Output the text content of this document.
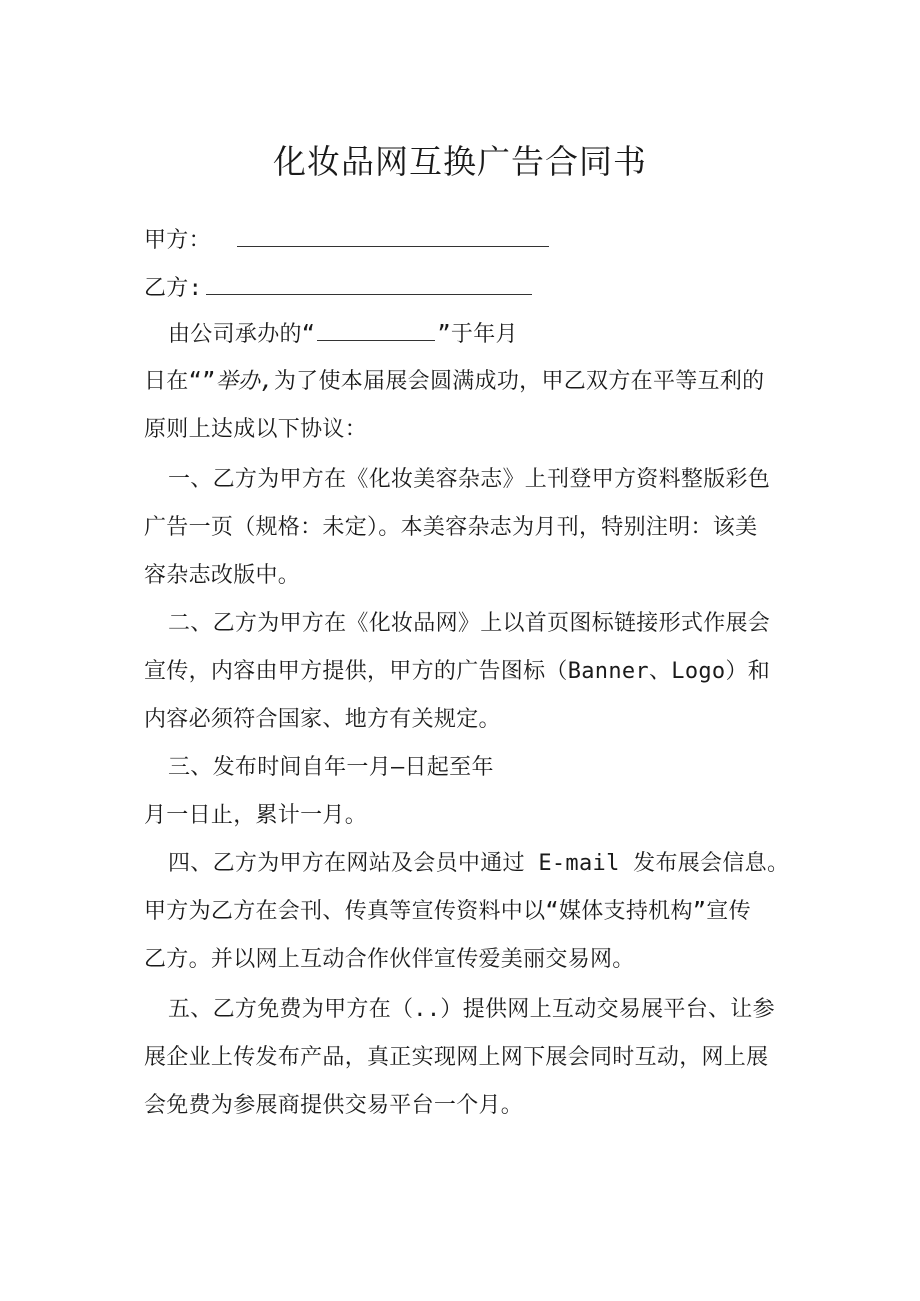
化妆品网互换广告合同书
甲方：
乙方:
由公司承办的“	”于年月
日在“”举办,为了使本届展会圆满成功，甲乙双方在平等互利的
原则上达成以下协议：
一、乙方为甲方在《化妆美容杂志》上刊登甲方资料整版彩色
广告一页（规格：未定）。本美容杂志为月刊，特别注明：该美
容杂志改版中。
二、乙方为甲方在《化妆品网》上以首页图标链接形式作展会
宣传，内容由甲方提供，甲方的广告图标（Banner、Logo）和
内容必须符合国家、地方有关规定。
三、发布时间自年一月—日起至年
月一日止，累计一月。
四、乙方为甲方在网站及会员中通过 E-mail 发布展会信息。
甲方为乙方在会刊、传真等宣传资料中以“媒体支持机构”宣传
乙方。并以网上互动合作伙伴宣传爱美丽交易网。
五、乙方免费为甲方在（..）提供网上互动交易展平台、让参
展企业上传发布产品，真正实现网上网下展会同时互动，网上展
会免费为参展商提供交易平台一个月。
